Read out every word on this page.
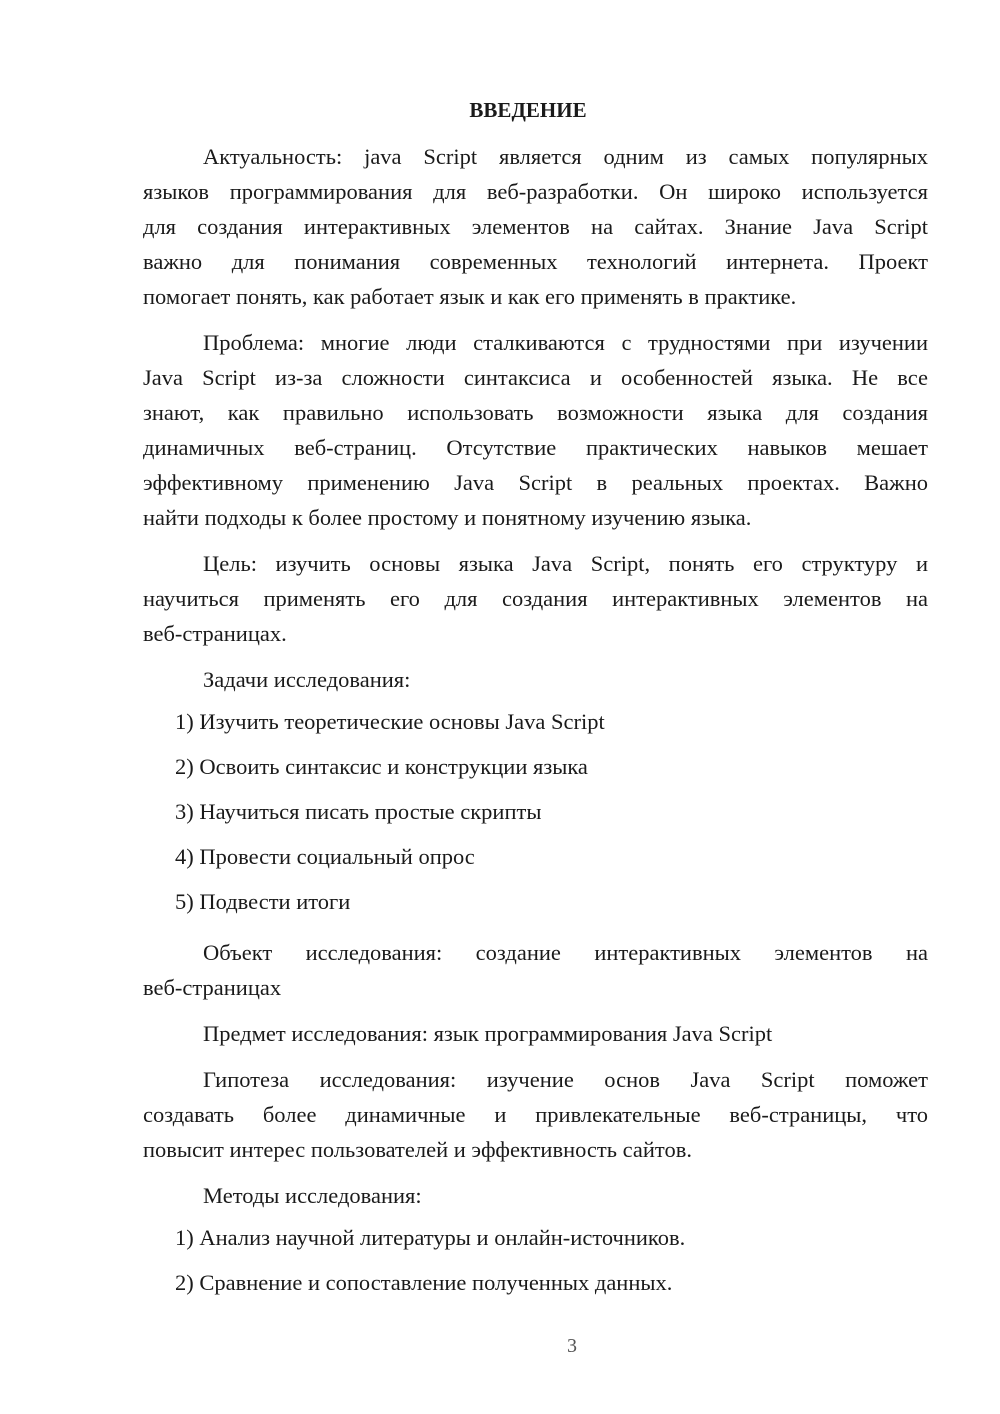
ВВЕДЕНИЕ
Актуальность: java Script является одним из самых популярных
языков программирования для веб-разработки. Он широко используется
для создания интерактивных элементов на сайтах. Знание Java Script
важно для понимания современных технологий интернета. Проект
помогает понять, как работает язык и как его применять в практике.
Проблема: многие люди сталкиваются с трудностями при изучении
Java Script из-за сложности синтаксиса и особенностей языка. Не все
знают, как правильно использовать возможности языка для создания
динамичных веб-страниц. Отсутствие практических навыков мешает
эффективному применению Java Script в реальных проектах. Важно
найти подходы к более простому и понятному изучению языка.
Цель: изучить основы языка Java Script, понять его структуру и
научиться применять его для создания интерактивных элементов на
веб-страницах.
Задачи исследования:
1) Изучить теоретические основы Java Script
2) Освоить синтаксис и конструкции языка
3) Научиться писать простые скрипты
4) Провести социальный опрос
5) Подвести итоги
Объект исследования: создание интерактивных элементов на
веб-страницах
Предмет исследования: язык программирования Java Script
Гипотеза исследования: изучение основ Java Script поможет
создавать более динамичные и привлекательные веб-страницы, что
повысит интерес пользователей и эффективность сайтов.
Методы исследования:
1) Анализ научной литературы и онлайн-источников.
2) Сравнение и сопоставление полученных данных.
3
